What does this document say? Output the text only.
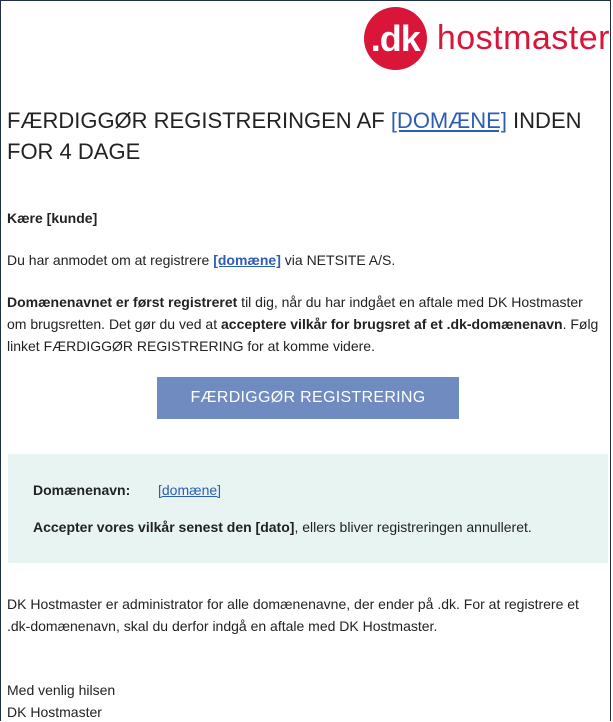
.dk hostmaster
FÆRDIGGØR REGISTRERINGEN AF [DOMÆNE] INDEN FOR 4 DAGE
Kære [kunde]
Du har anmodet om at registrere [domæne] via NETSITE A/S.
Domænenavnet er først registreret til dig, når du har indgået en aftale med DK Hostmaster om brugsretten. Det gør du ved at acceptere vilkår for brugsret af et .dk-domænenavn. Følg linket FÆRDIGGØR REGISTRERING for at komme videre.
FÆRDIGGØR REGISTRERING
Domænenavn: [domæne]
Accepter vores vilkår senest den [dato], ellers bliver registreringen annulleret.
DK Hostmaster er administrator for alle domænenavne, der ender på .dk. For at registrere et .dk-domænenavn, skal du derfor indgå en aftale med DK Hostmaster.
Med venlig hilsen
DK Hostmaster
